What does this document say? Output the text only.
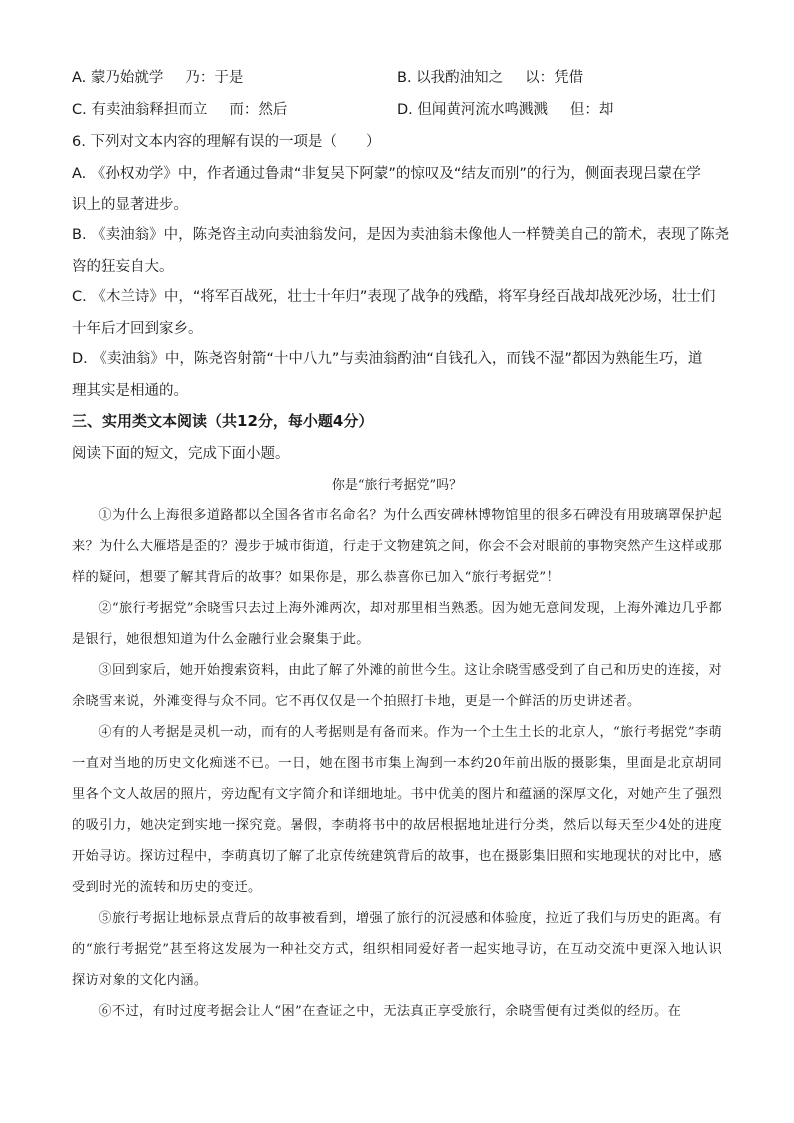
A. 蒙乃始就学 乃：于是	B. 以我酌油知之 以：凭借
C. 有卖油翁释担而立 而：然后	D. 但闻黄河流水鸣溅溅 但：却
6. 下列对文本内容的理解有误的一项是（　　）
A. 《孙权劝学》中，作者通过鲁肃“非复吴下阿蒙”的惊叹及“结友而别”的行为，侧面表现吕蒙在学
识上的显著进步。
B. 《卖油翁》中，陈尧咨主动向卖油翁发问，是因为卖油翁未像他人一样赞美自己的箭术，表现了陈尧
咨的狂妄自大。
C. 《木兰诗》中，“将军百战死，壮士十年归”表现了战争的残酷，将军身经百战却战死沙场，壮士们
十年后才回到家乡。
D. 《卖油翁》中，陈尧咨射箭“十中八九”与卖油翁酌油“自钱孔入，而钱不湿”都因为熟能生巧，道
理其实是相通的。
三、实用类文本阅读（共12分，每小题4分）
阅读下面的短文，完成下面小题。
你是“旅行考据党”吗？

①为什么上海很多道路都以全国各省市名命名？为什么西安碑林博物馆里的很多石碑没有用玻璃罩保护起来？为什么大雁塔是歪的？漫步于城市街道，行走于文物建筑之间，你会不会对眼前的事物突然产生这样或那样的疑问，想要了解其背后的故事？如果你是，那么恭喜你已加入“旅行考据党”！

②“旅行考据党”余晓雪只去过上海外滩两次，却对那里相当熟悉。因为她无意间发现，上海外滩边几乎都是银行，她很想知道为什么金融行业会聚集于此。

③回到家后，她开始搜索资料，由此了解了外滩的前世今生。这让余晓雪感受到了自己和历史的连接，对余晓雪来说，外滩变得与众不同。它不再仅仅是一个拍照打卡地，更是一个鲜活的历史讲述者。

④有的人考据是灵机一动，而有的人考据则是有备而来。作为一个土生土长的北京人，“旅行考据党”李萌一直对当地的历史文化痴迷不已。一日，她在图书市集上淘到一本约20年前出版的摄影集，里面是北京胡同里各个文人故居的照片，旁边配有文字简介和详细地址。书中优美的图片和蕴涵的深厚文化，对她产生了强烈的吸引力，她决定到实地一探究竟。暑假，李萌将书中的故居根据地址进行分类，然后以每天至少4处的进度开始寻访。探访过程中，李萌真切了解了北京传统建筑背后的故事，也在摄影集旧照和实地现状的对比中，感受到时光的流转和历史的变迁。

⑤旅行考据让地标景点背后的故事被看到，增强了旅行的沉浸感和体验度，拉近了我们与历史的距离。有的“旅行考据党”甚至将这发展为一种社交方式，组织相同爱好者一起实地寻访，在互动交流中更深入地认识探访对象的文化内涵。

⑥不过，有时过度考据会让人“困”在查证之中，无法真正享受旅行，余晓雪便有过类似的经历。在
